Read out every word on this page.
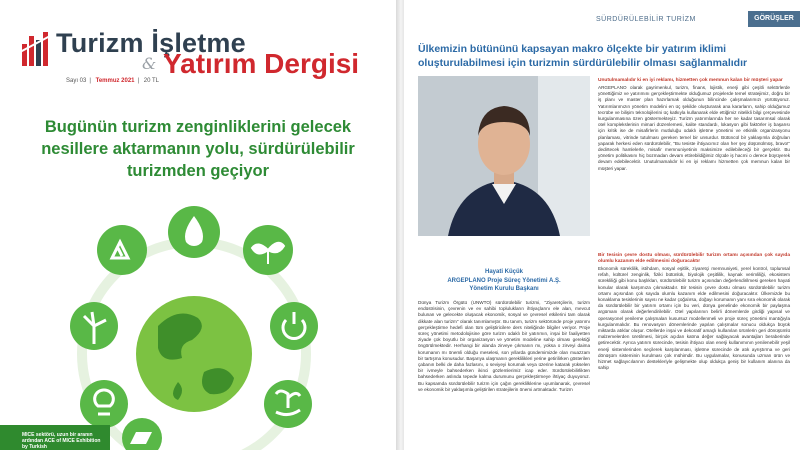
Turizm İşletme
& Yatırım Dergisi
Sayı 03 | Temmuz 2021 | 20 TL
Bugünün turizm zenginliklerini gelecek nesillere aktarmanın yolu, sürdürülebilir turizmden geçiyor
MICE sektörü, uzun bir aranın ardından ACE of MICE Exhibition by Turkish
SÜRDÜRÜLEBİLİR TURİZM	GÖRÜŞLER
Ülkemizin bütününü kapsayan makro ölçekte bir yatırım iklimi oluşturulabilmesi için turizmin sürdürülebilir olması sağlanmalıdır
Hayati Küçük
ARGEPLANO Proje Süreç Yönetimi A.Ş.
Yönetim Kurulu Başkanı

Dünya Turizm Örgütü (UNWTO) sürdürülebilir turizmi, "Ziyaretçilerin, turizm endüstrisinin, çevrenin ve ev sahibi toplulukların ihtiyaçlarını ele alan, mevcut bulunan ve gelecekte oluşacak ekonomik, sosyal ve çevresel etkilerini tam olarak dikkate alan turizm" olarak tanımlamıştır. Bu tanım, turizm sektöründe proje yatırımı gerçekleştirme hedefi olan tüm geliştiricilere ders niteliğinde bilgiler veriyor. Proje süreç yönetimi metodolojisine göre turizm odaklı bir yatırımın, inşai bir faaliyetten ziyade çok boyutlu bir organizasyon ve yönetim modeline sahip olması gerektiği öngörülmektedir. Herhangi bir alanda zirveye çıkmanın mı, yoksa o zirveyi daima korumanın mı önemli olduğu meselesi, son yıllarda gündemimizde olan muazzam bir tartışma konusudur. Başarıya ulaşmanın gereklilikleri yerine getirilirken gösterilen çabanın belki de daha fazlasını, o seviyeyi korumak veya üzerine katarak yükselen bir ivmeyle bahsederken ikinci gözlemlerimiz icap eder. Sürdürülebilirlikten bahsederken aslında tepede kalma durumunu gerçekleştirmeye ihtiyaç duyuyoruz. Bu kapsamda sürdürülebilir turizm için çağın gereklilklerine uyumlanarak, çevresel ve ekonomik bir yaklaşımla geliştirilen stratejilerin önemi artmaktadır. Turizm

Unutulmamalıdır ki en iyi reklamı, hizmetten çok memnun kalan bir müşteri yapar

ARGEPLANO olarak gayrimenkul, turizm, finans, lojistik, enerji gibi çeşitli sektörlerde yönettiğimiz ve yatırımını gerçekleştirmekte olduğumuz projelerde temel stratejimiz, doğru bir iş planı ve master plan hazırlamak olduğunun bilincinde çalışmalarımızı yürütüyoruz. Yatırımlarımızın yönetim modelini en üç şekilde oluşturarak ana kararların, sahip olduğumuz tecrübe ve bilişim teknolojilerini üç katkıyla kullanarak elde ettiğimiz nitelikli bilgi çerçevesinde kurgulanmasına özen göstermekteyiz. Turizm yatırımlarında her ne kadar tasarımsal olarak otel komplekslerinin mimari düzenlemesi, kalite standardı, lokasyon gibi faktörler iş başarısı için kritik ise de misafirlerin mutluluğu odaklı işletme yönetimi ve etkinlik organizasyonu planlaması, vitrinde tutulması gereken temel bir unsurdur. Bütüncül bir yaklaşımla doğruları yaparak herkesi eden sürdürülebilir, "Bu tesiste ihtiyacımız olan her şey düşünülmüş, bravo!" dedirtecek hamlelerle, misafir memnuniyetinin maksimize edilebileceği bir gerçektir. Bu yönetim politikasını hiç bozmadan devam ettirebildiğimiz ölçüde iş hacmi o derece büyüyerek devam edebilecektir. Unutulmamalıdır ki en iyi reklamı hizmetten çok memnun kalan bir müşteri yapar.

Bir tesisin çevre dostu olması, sürdürülebilir turizm ortamı açısından çok sayıda olumlu kazanım elde edilmesini doğuracaktır

Ekonomik süreklilik, istihdam, sosyal eşitlik, ziyaretçi memnuniyeti, yerel kontrol, toplumsal refah, kültürel zenginlik, fiziki bütünlük, biyolojik çeşitlilik, kaynak verimliliği, ekosistem sürekliliği gibi konu başlıkları, sürdürülebilir turizm açısından değerlendirilmesi gereken hayati konular olarak karşımıza çıkmaktadır. Bir tesisin çevre dostu olması sürdürülebilir turizm ortamı açısından çok sayıda olumlu kazanım elde edilmesini doğuracaktır. Ülkemizde bu konaklama tesislerinin sayısı ne kadar çoğalırsa, doğayı korumanın yanı sıra ekonomik olarak da sürdürülebilir bir yatırım ortamı için bu veri, dünya genelinde ekonomik bir paylaşma argümanı olarak değerlendirilebilir. Otel yapılarının belirli dönemlerde girdiği yapısal ve operasyonel yenileme çalışmaları kusursuz modellenmeli ve proje süreç yönetimi mantığıyla kurgulanmalıdır. Bu renovasyon dönemlerinde yapılan çalışmalar sonucu oldukça büyük miktarda atıklar oluşur. Otellerde inşai ve dekoratif amaçlı kullanılan ürünlerin geri dönüşümlü malzemelerden üretilmesi, birçok açıdan katma değer sağlayacak avantajları beraberinde getirecektir. Ayrıca yatırım sürecinde, tesisin ihtiyacı olan enerji kullanımının yenilenebilir yeşil enerji sistemlerinden seçilerek karşılanması, işletme sürecinde de atık ayrıştırma ve geri dönüşüm sisteminin kurulması çok mühimdir. Bu uygulamalar, konusunda uzman ürün ve hizmet sağlayıcılarının destekleriyle gelişmekte olup oldukça geniş bir kullanım alanına da sahip
